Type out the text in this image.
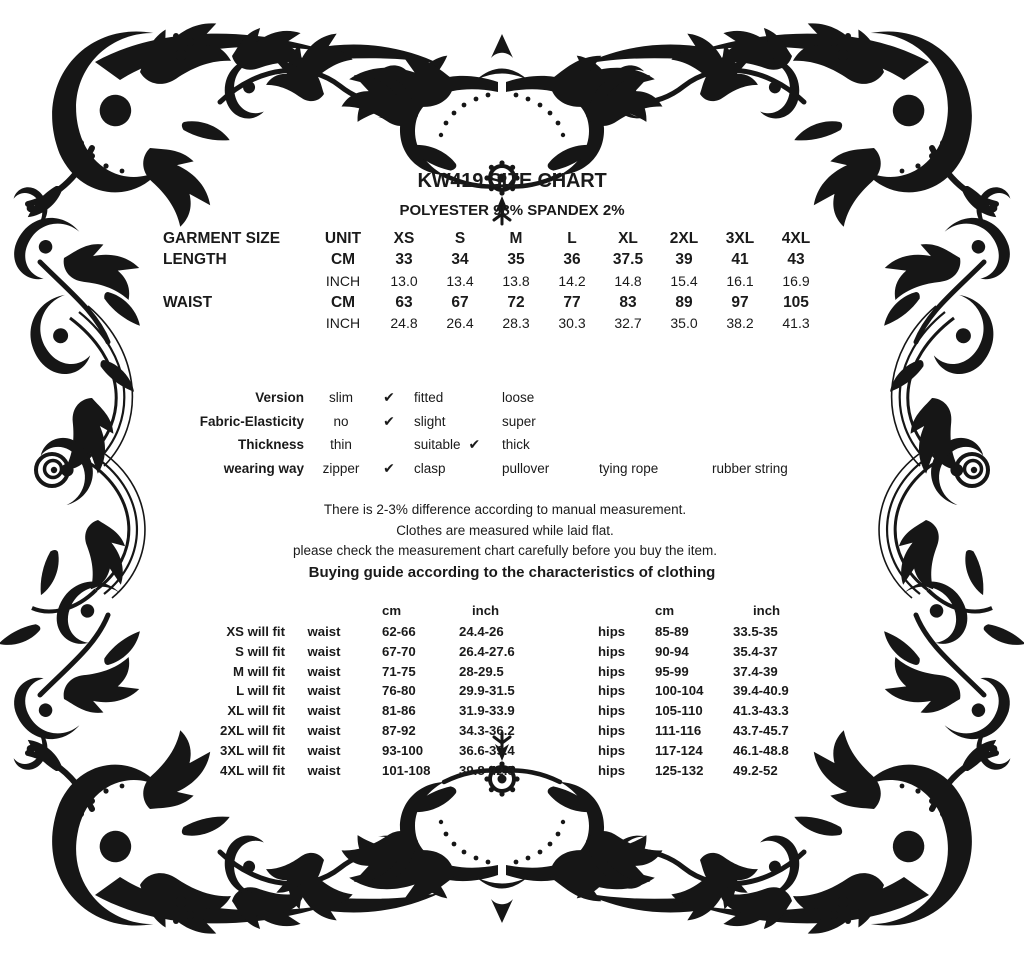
KW419 SIZE CHART
POLYESTER 98% SPANDEX 2%
GARMENT SIZE	UNIT	XS	S	M	L	XL	2XL	3XL	4XL
LENGTH	CM	33	34	35	36	37.5	39	41	43
INCH	13.0	13.4	13.8	14.2	14.8	15.4	16.1	16.9
WAIST	CM	63	67	72	77	83	89	97	105
INCH	24.8	26.4	28.3	30.3	32.7	35.0	38.2	41.3
Version	slim	✔	fitted	loose
Fabric-Elasticity	no	✔	slight	super
Thickness	thin	suitable ✔	thick
wearing way	zipper	✔	clasp	pullover	tying rope	rubber string
There is 2-3% difference according to manual measurement.
Clothes are measured while laid flat.
please check the measurement chart carefully before you buy the item.
Buying guide according to the characteristics of clothing
cm	inch	cm	inch
XS will fit	waist	62-66	24.4-26	hips	85-89	33.5-35
S will fit	waist	67-70	26.4-27.6	hips	90-94	35.4-37
M will fit	waist	71-75	28-29.5	hips	95-99	37.4-39
L will fit	waist	76-80	29.9-31.5	hips	100-104	39.4-40.9
XL will fit	waist	81-86	31.9-33.9	hips	105-110	41.3-43.3
2XL will fit	waist	87-92	34.3-36.2	hips	111-116	43.7-45.7
3XL will fit	waist	93-100	36.6-39.4	hips	117-124	46.1-48.8
4XL will fit	waist	101-108	39.8-42.5	hips	125-132	49.2-52
